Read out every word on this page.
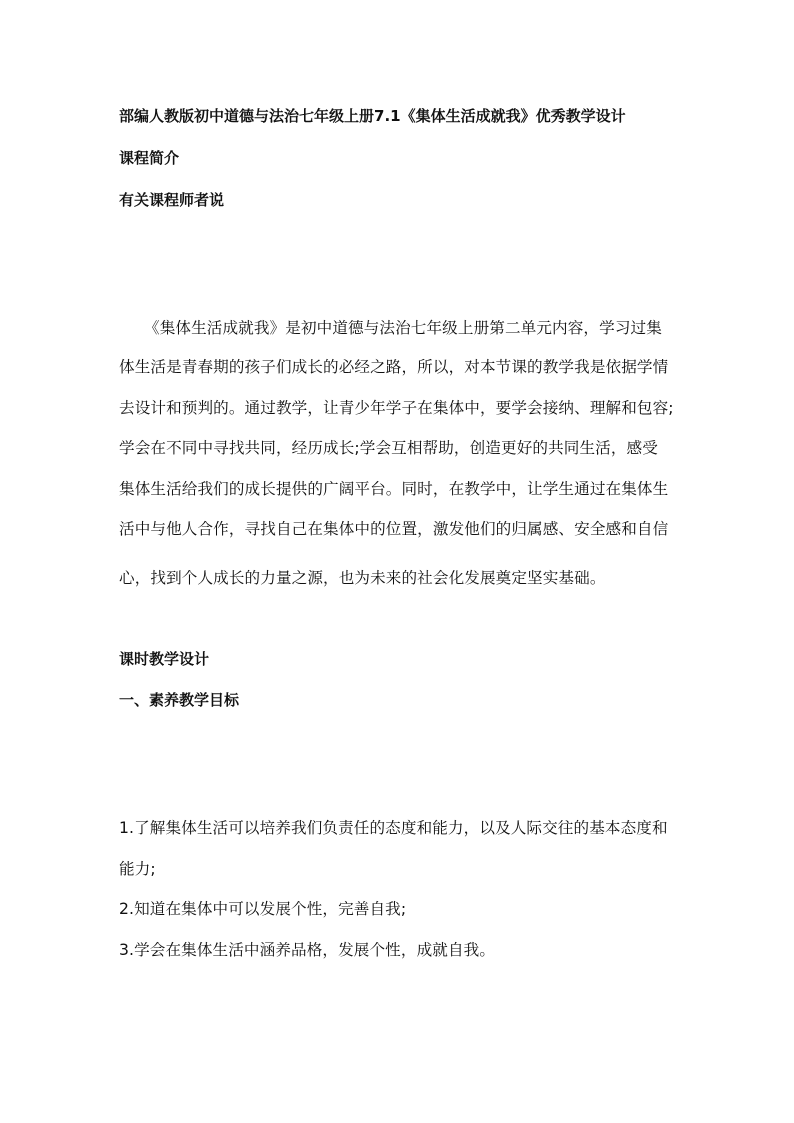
部编人教版初中道德与法治七年级上册7.1《集体生活成就我》优秀教学设计
课程简介
有关课程师者说
《集体生活成就我》是初中道德与法治七年级上册第二单元内容，学习过集
体生活是青春期的孩子们成长的必经之路，所以，对本节课的教学我是依据学情
去设计和预判的。通过教学，让青少年学子在集体中，要学会接纳、理解和包容;
学会在不同中寻找共同，经历成长;学会互相帮助，创造更好的共同生活，感受
集体生活给我们的成长提供的广阔平台。同时，在教学中，让学生通过在集体生
活中与他人合作，寻找自己在集体中的位置，激发他们的归属感、安全感和自信
心，找到个人成长的力量之源，也为未来的社会化发展奠定坚实基础。
课时教学设计
一、素养教学目标
1.了解集体生活可以培养我们负责任的态度和能力，以及人际交往的基本态度和
能力;
2.知道在集体中可以发展个性，完善自我;
3.学会在集体生活中涵养品格，发展个性，成就自我。
